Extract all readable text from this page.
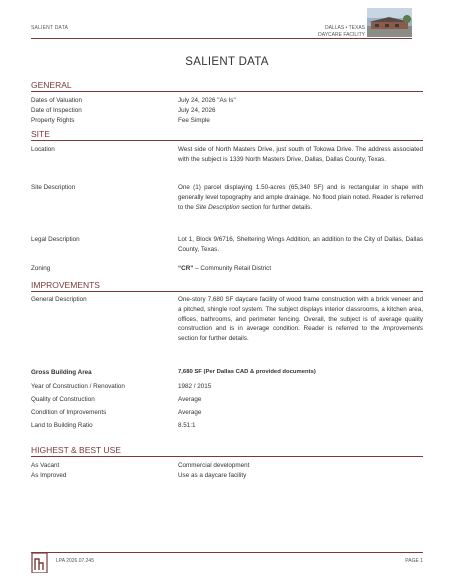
SALIENT DATA	DALLAS • TEXAS
DAYCARE FACILITY
SALIENT DATA
GENERAL
Dates of Valuation	July 24, 2026 "As Is"
Date of Inspection	July 24, 2026
Property Rights	Fee Simple
SITE
Location	West side of North Masters Drive, just south of Tokowa Drive. The address associated with the subject is 1339 North Masters Drive, Dallas, Dallas County, Texas.
Site Description	One (1) parcel displaying 1.50-acres (65,340 SF) and is rectangular in shape with generally level topography and ample drainage. No flood plain noted. Reader is referred to the Site Description section for further details.
Legal Description	Lot 1, Block 9/6716, Sheltering Wings Addition, an addition to the City of Dallas, Dallas County, Texas.
Zoning	“CR” – Community Retail District
IMPROVEMENTS
General Description	One-story 7,680 SF daycare facility of wood frame construction with a brick veneer and a pitched, shingle roof system. The subject displays interior classrooms, a kitchen area, offices, bathrooms, and perimeter fencing. Overall, the subject is of average quality construction and is in average condition. Reader is referred to the Improvements section for further details.
Gross Building Area	7,680 SF (Per Dallas CAD & provided documents)
Year of Construction / Renovation	1982 / 2015
Quality of Construction	Average
Condition of Improvements	Average
Land to Building Ratio	8.51:1
HIGHEST & BEST USE
As Vacant	Commercial development
As Improved	Use as a daycare facility
LPA 2026.07.245	PAGE 1
